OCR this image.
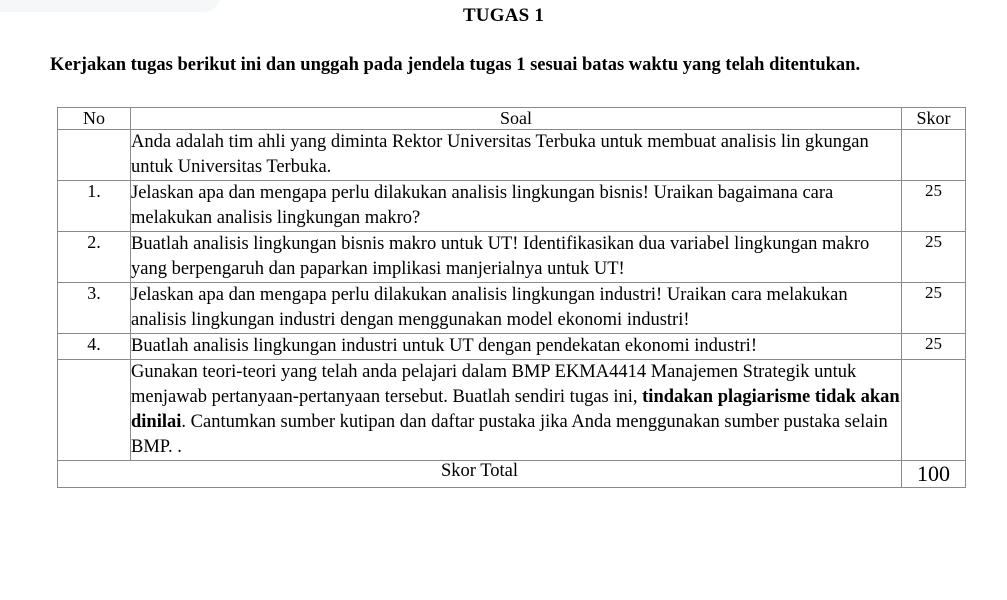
TUGAS 1
Kerjakan tugas berikut ini dan unggah pada jendela tugas 1 sesuai batas waktu yang telah ditentukan.
No	Soal	Skor
	Anda adalah tim ahli yang diminta Rektor Universitas Terbuka untuk membuat analisis lin gkungan untuk Universitas Terbuka.	
1.	Jelaskan apa dan mengapa perlu dilakukan analisis lingkungan bisnis! Uraikan bagaimana cara melakukan analisis lingkungan makro?	25
2.	Buatlah analisis lingkungan bisnis makro untuk UT! Identifikasikan dua variabel lingkungan makro yang berpengaruh dan paparkan implikasi manjerialnya untuk UT!	25
3.	Jelaskan apa dan mengapa perlu dilakukan analisis lingkungan industri! Uraikan cara melakukan analisis lingkungan industri dengan menggunakan model ekonomi industri!	25
4.	Buatlah analisis lingkungan industri untuk UT dengan pendekatan ekonomi industri!	25
	Gunakan teori-teori yang telah anda pelajari dalam BMP EKMA4414 Manajemen Strategik untuk menjawab pertanyaan-pertanyaan tersebut. Buatlah sendiri tugas ini, tindakan plagiarisme tidak akan dinilai. Cantumkan sumber kutipan dan daftar pustaka jika Anda menggunakan sumber pustaka selain BMP. .	
Skor Total		100
